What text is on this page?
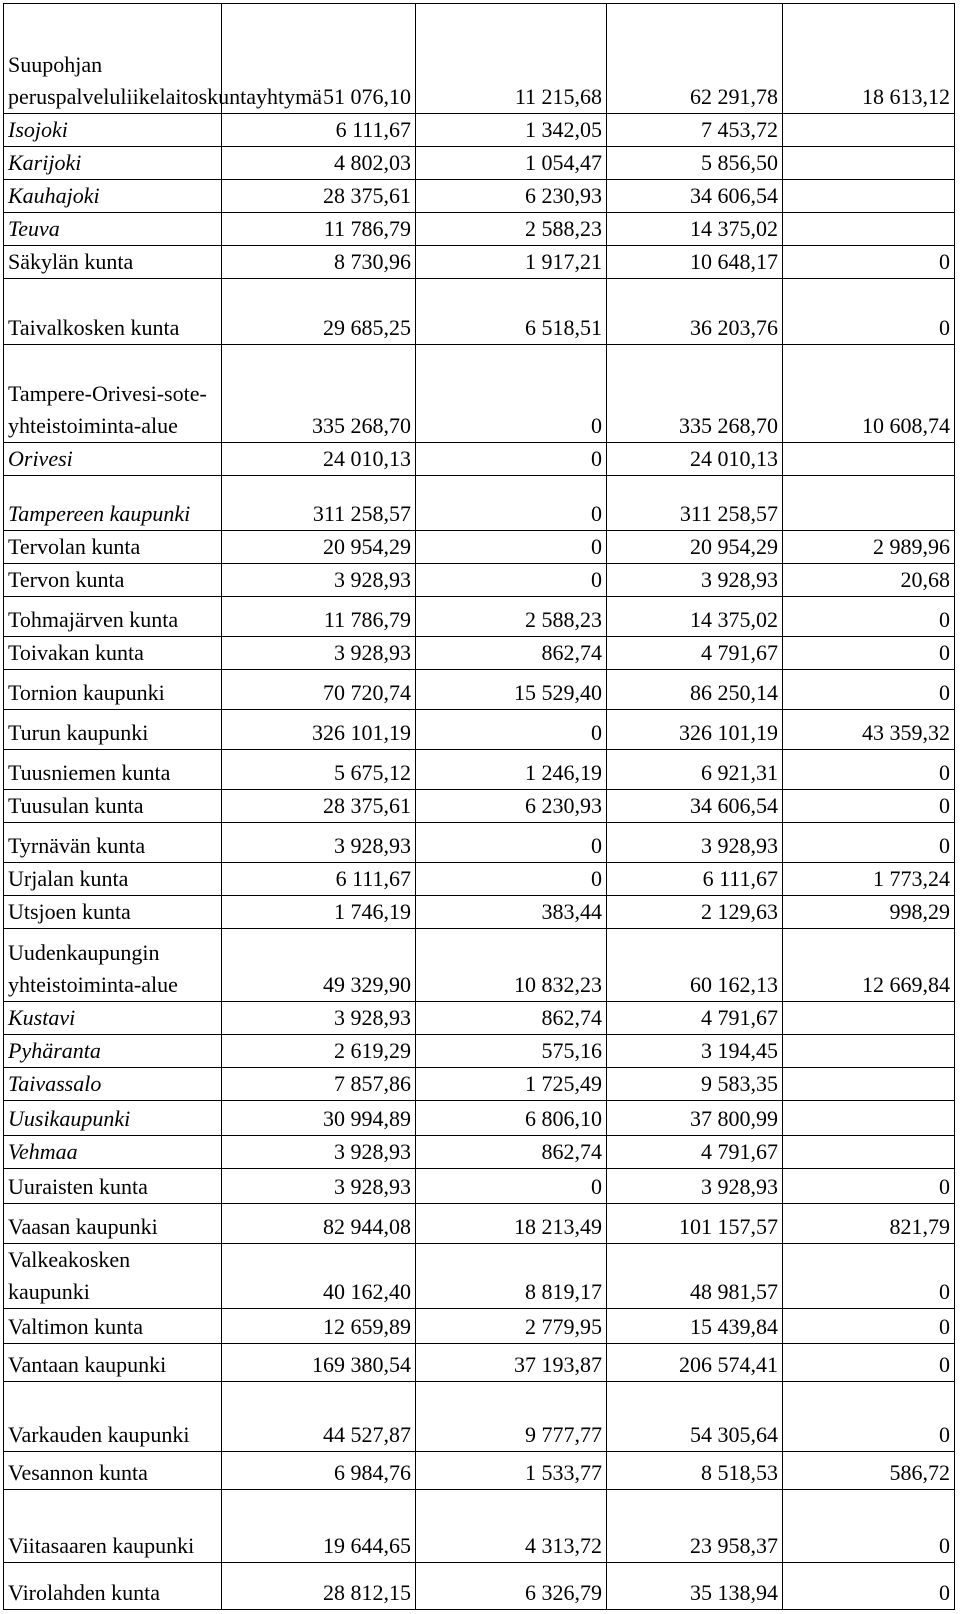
Suupohjan peruspalveluliikelaitoskuntayhtymä	51 076,10	11 215,68	62 291,78	18 613,12
Isojoki	6 111,67	1 342,05	7 453,72	
Karijoki	4 802,03	1 054,47	5 856,50	
Kauhajoki	28 375,61	6 230,93	34 606,54	
Teuva	11 786,79	2 588,23	14 375,02	
Säkylän kunta	8 730,96	1 917,21	10 648,17	0
Taivalkosken kunta	29 685,25	6 518,51	36 203,76	0
Tampere-Orivesi-sote-yhteistoiminta-alue	335 268,70	0	335 268,70	10 608,74
Orivesi	24 010,13	0	24 010,13	
Tampereen kaupunki	311 258,57	0	311 258,57	
Tervolan kunta	20 954,29	0	20 954,29	2 989,96
Tervon kunta	3 928,93	0	3 928,93	20,68
Tohmajärven kunta	11 786,79	2 588,23	14 375,02	0
Toivakan kunta	3 928,93	862,74	4 791,67	0
Tornion kaupunki	70 720,74	15 529,40	86 250,14	0
Turun kaupunki	326 101,19	0	326 101,19	43 359,32
Tuusniemen kunta	5 675,12	1 246,19	6 921,31	0
Tuusulan kunta	28 375,61	6 230,93	34 606,54	0
Tyrnävän kunta	3 928,93	0	3 928,93	0
Urjalan kunta	6 111,67	0	6 111,67	1 773,24
Utsjoen kunta	1 746,19	383,44	2 129,63	998,29
Uudenkaupungin yhteistoiminta-alue	49 329,90	10 832,23	60 162,13	12 669,84
Kustavi	3 928,93	862,74	4 791,67	
Pyhäranta	2 619,29	575,16	3 194,45	
Taivassalo	7 857,86	1 725,49	9 583,35	
Uusikaupunki	30 994,89	6 806,10	37 800,99	
Vehmaa	3 928,93	862,74	4 791,67	
Uuraisten kunta	3 928,93	0	3 928,93	0
Vaasan kaupunki	82 944,08	18 213,49	101 157,57	821,79
Valkeakosken kaupunki	40 162,40	8 819,17	48 981,57	0
Valtimon kunta	12 659,89	2 779,95	15 439,84	0
Vantaan kaupunki	169 380,54	37 193,87	206 574,41	0
Varkauden kaupunki	44 527,87	9 777,77	54 305,64	0
Vesannon kunta	6 984,76	1 533,77	8 518,53	586,72
Viitasaaren kaupunki	19 644,65	4 313,72	23 958,37	0
Virolahden kunta	28 812,15	6 326,79	35 138,94	0
